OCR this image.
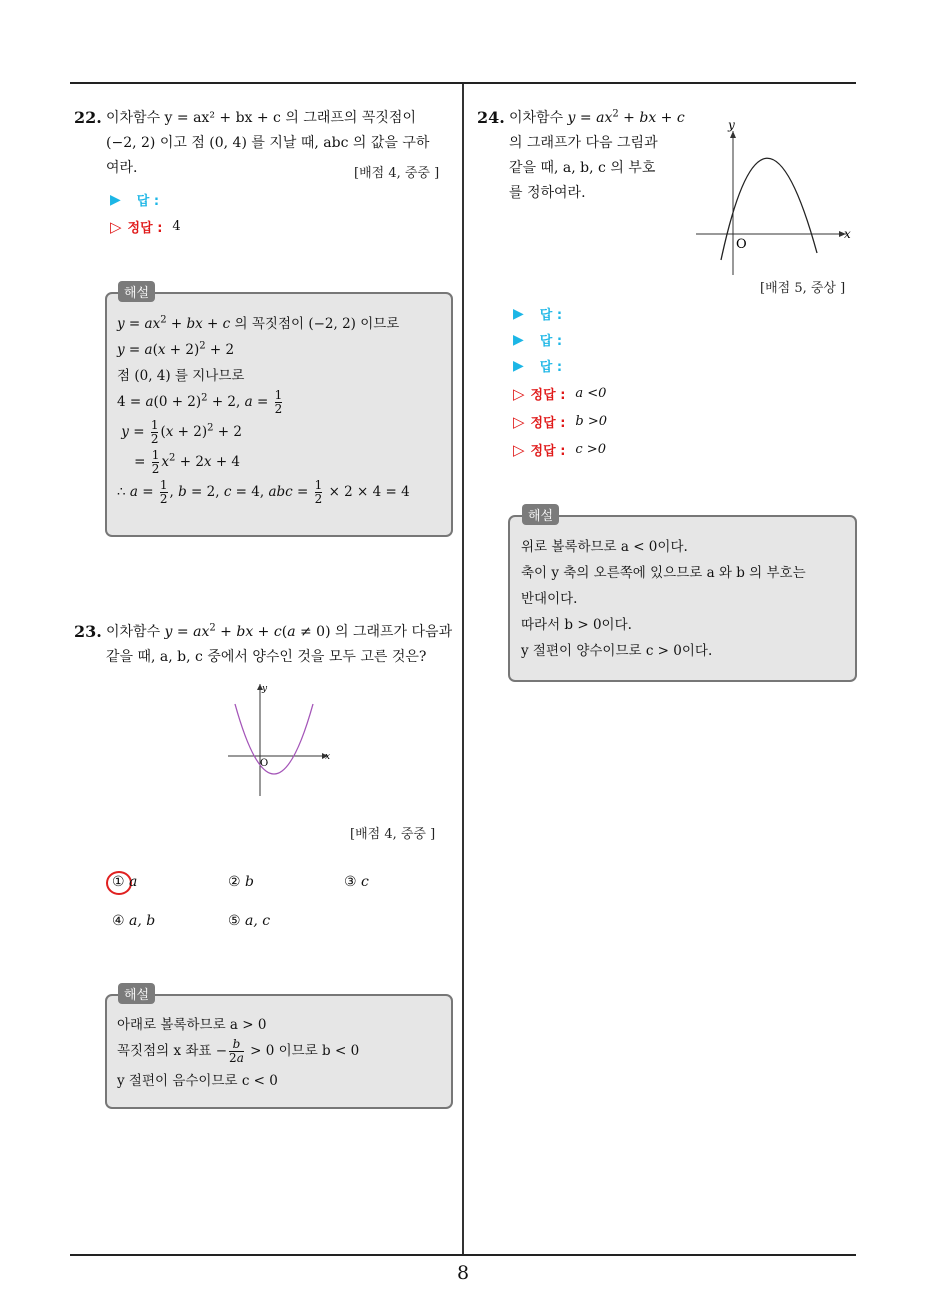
22. 이차함수 y = ax² + bx + c 의 그래프의 꼭짓점이
(−2, 2) 이고 점 (0, 4) 를 지날 때, abc 의 값을 구하
여라.	[배점 4, 중중 ]
▶ 답 :
▷ 정답 : 4
해설
$y = ax^2$ + bx + c 의 꼭짓점이 (−2, 2) 이므로
$y = a(x + 2)^2 + 2$
점 (0, 4) 를 지나므로
$4 = a(0 + 2)^2 + 2$, $a = \frac{1}{2}$
$y = \frac{1}{2} (x + 2)^2 + 2$
= $\frac{1}{2} x^2 + 2x + 4$
∴ $a = \frac{1}{2}$ , b = 2, c = 4, abc = $\frac{1}{2} \times 2 \times 4 = 4$
23. 이차함수 $y = ax^2$ + bx + c(a ≠ 0) 의 그래프가 다음과
같을 때, a, b, c 중에서 양수인 것을 모두 고른 것은?
x
y
O
[배점 4, 중중 ]
① a	② b	③ c
④ a, b	⑤ a, c
해설
아래로 볼록하므로 a > 0
꼭짓점의 x 좌표 − $\frac{b}{2a} > 0$ 이므로 b < 0
y 절편이 음수이므로 c < 0
24. 이차함수 $y = ax^2$ + bx + c
의 그래프가 다음 그림과
같을 때, a, b, c 의 부호
를 정하여라.
x
y
O
[배점 5, 중상 ]
▶ 답 :
▶ 답 :
▶ 답 :
▷ 정답 : a <0
▷ 정답 : b >0
▷ 정답 : c >0
해설
위로 볼록하므로 a < 0이다.
축이 y 축의 오른쪽에 있으므로 a 와 b 의 부호는
반대이다.
따라서 b > 0이다.
y 절편이 양수이므로 c > 0이다.
8
